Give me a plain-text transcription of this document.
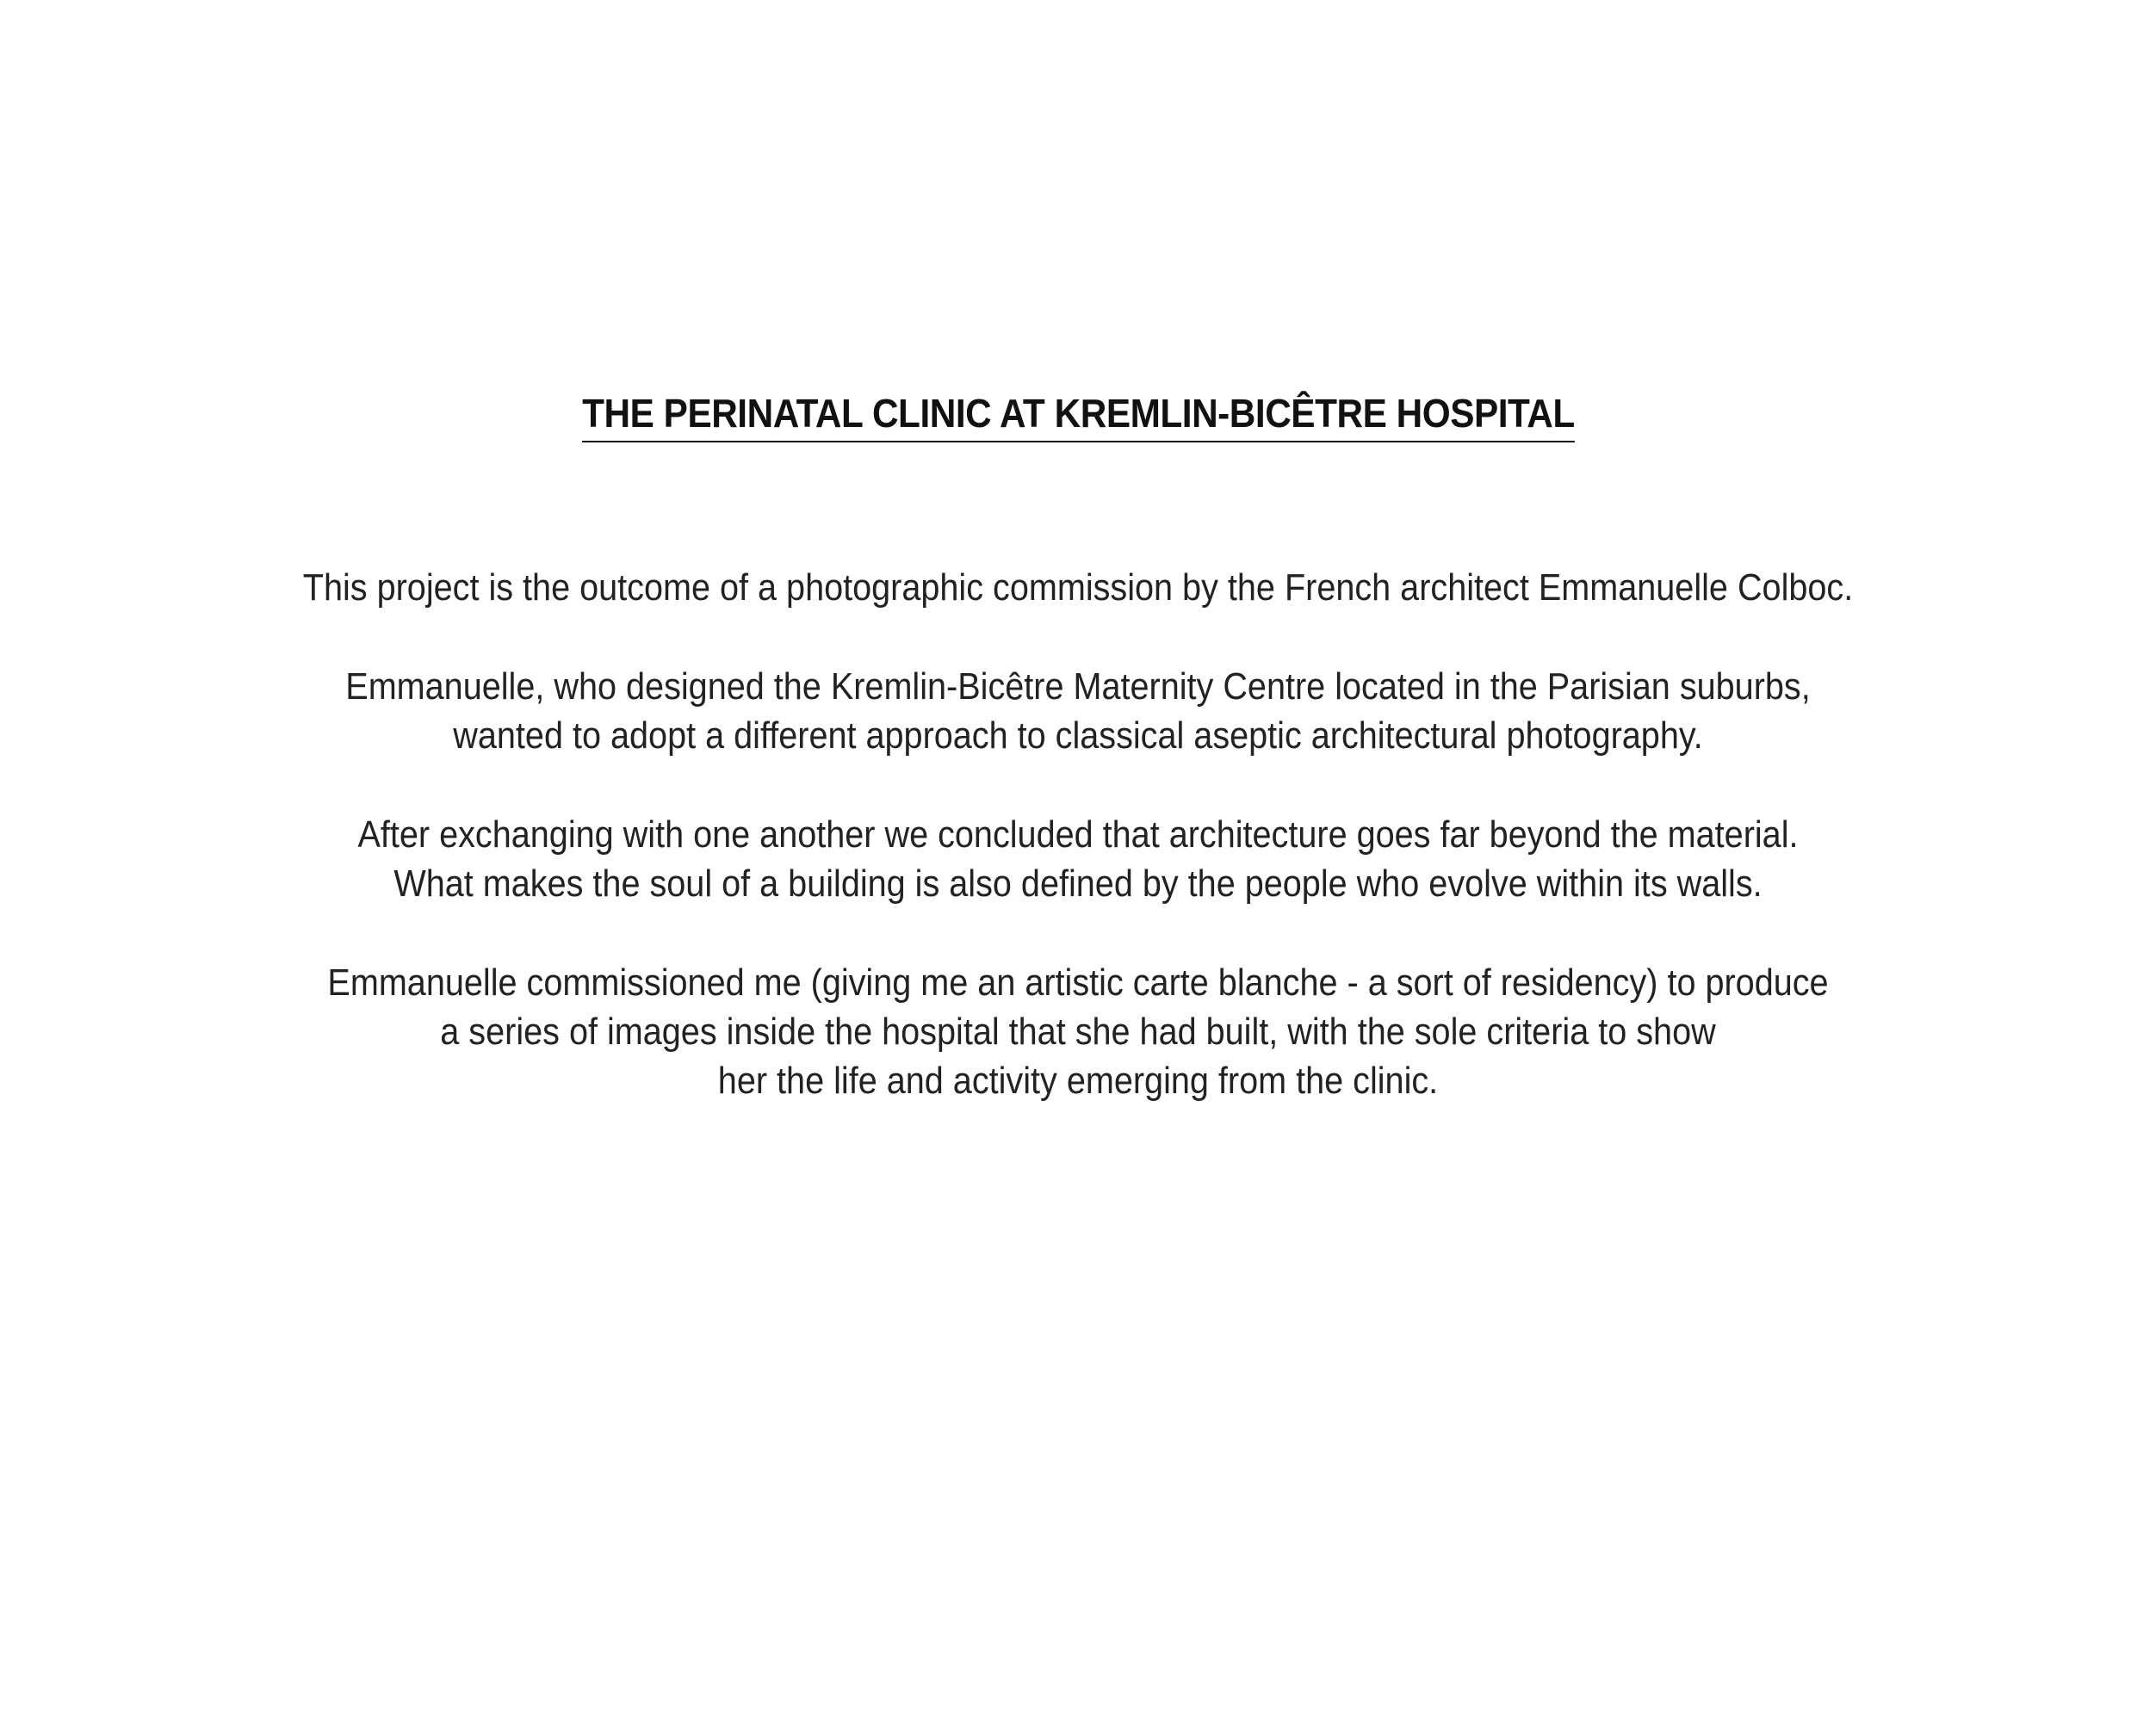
THE PERINATAL CLINIC AT KREMLIN-BICÊTRE HOSPITAL

This project is the outcome of a photographic commission by the French architect Emmanuelle Colboc.

Emmanuelle, who designed the Kremlin-Bicêtre Maternity Centre located in the Parisian suburbs,
wanted to adopt a different approach to classical aseptic architectural photography.

After exchanging with one another we concluded that architecture goes far beyond the material.
What makes the soul of a building is also defined by the people who evolve within its walls.

Emmanuelle commissioned me (giving me an artistic carte blanche - a sort of residency) to produce
a series of images inside the hospital that she had built, with the sole criteria to show
her the life and activity emerging from the clinic.
